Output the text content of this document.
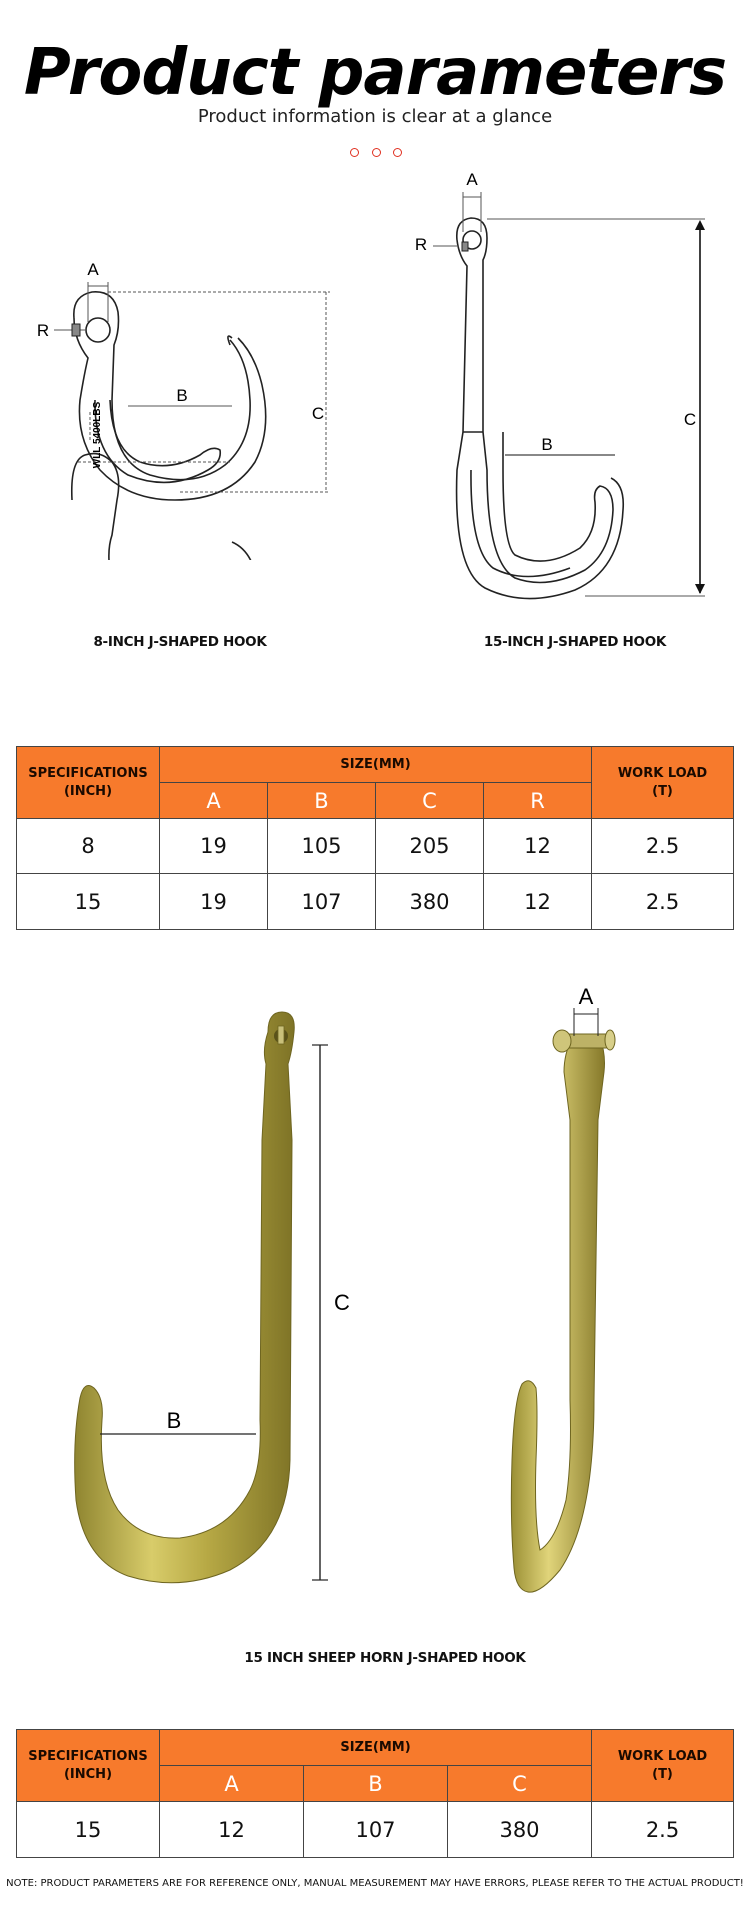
Product parameters
Product information is clear at a glance
A
R
B
C
WLL 5400LBS
8-INCH J-SHAPED HOOK
A
R
B
C
15-INCH J-SHAPED HOOK
SPECIFICATIONS
(INCH)	SIZE(MM)				WORK LOAD
(T)
	A	B	C	R	
8	19	105	205	12	2.5
15	19	107	380	12	2.5
C
B
A
15 INCH SHEEP HORN J-SHAPED HOOK
SPECIFICATIONS
(INCH)	SIZE(MM)			WORK LOAD
(T)
	A	B	C	
15	12	107	380	2.5
NOTE: PRODUCT PARAMETERS ARE FOR REFERENCE ONLY, MANUAL MEASUREMENT MAY HAVE ERRORS, PLEASE REFER TO THE ACTUAL PRODUCT!
